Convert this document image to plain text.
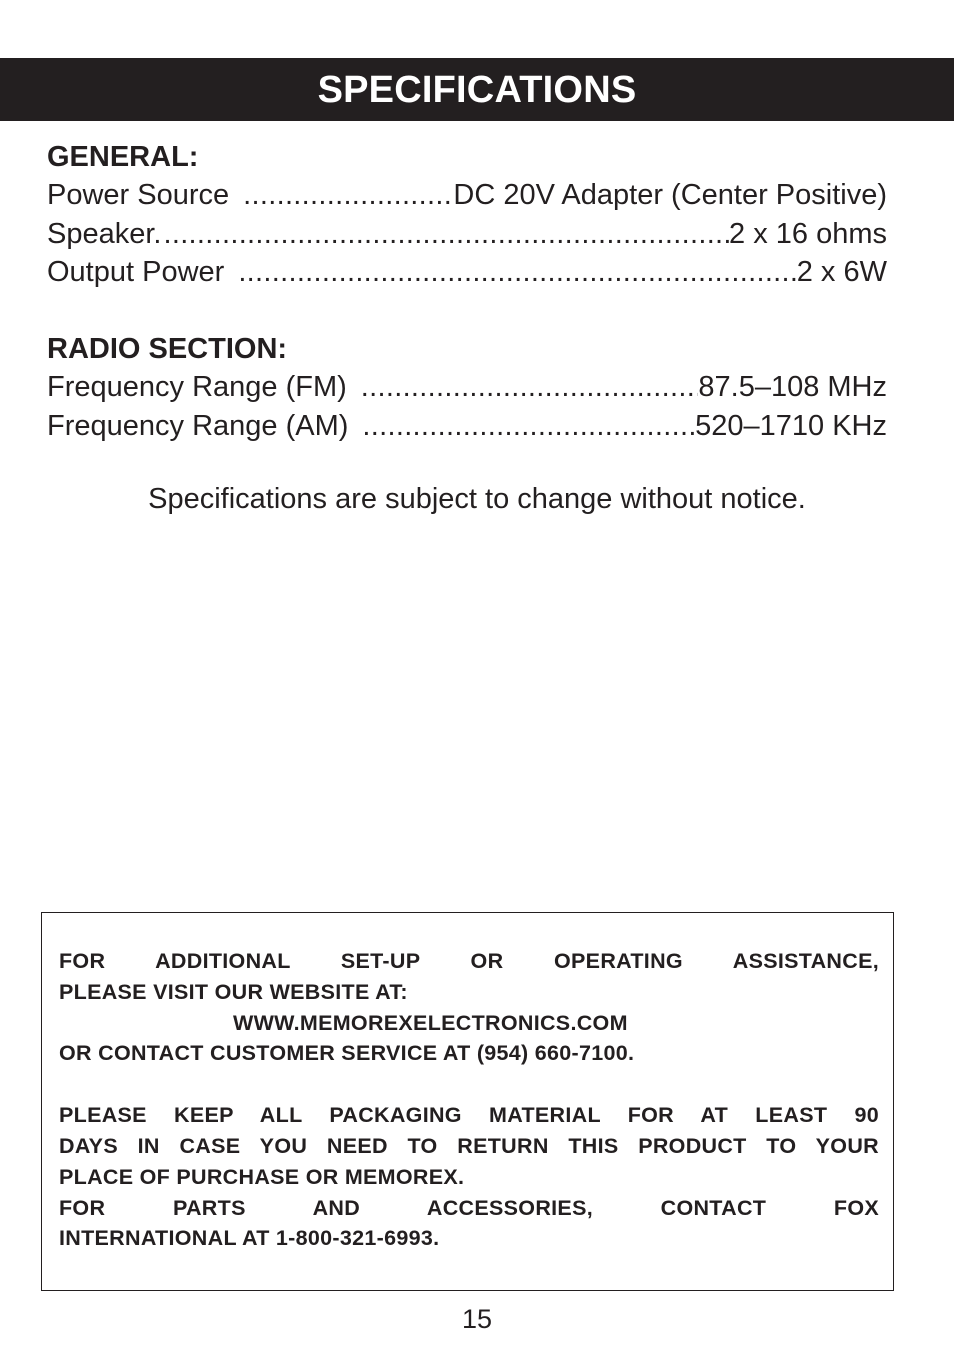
SPECIFICATIONS
GENERAL:
Power Source .....	DC 20V Adapter (Center Positive)
Speaker. .....	2 x 16 ohms
Output Power .....	2 x 6W
RADIO SECTION:
Frequency Range (FM) .....	87.5–108 MHz
Frequency Range (AM) .....	520–1710 KHz
Specifications are subject to change without notice.

FOR ADDITIONAL SET-UP OR OPERATING ASSISTANCE,

PLEASE VISIT OUR WEBSITE AT:

WWW.MEMOREXELECTRONICS.COM

OR CONTACT CUSTOMER SERVICE AT (954) 660-7100.

PLEASE KEEP ALL PACKAGING MATERIAL FOR AT LEAST 90

DAYS IN CASE YOU NEED TO RETURN THIS PRODUCT TO YOUR

PLACE OF PURCHASE OR MEMOREX.

FOR PARTS AND ACCESSORIES, CONTACT FOX

INTERNATIONAL AT 1-800-321-6993.

15
